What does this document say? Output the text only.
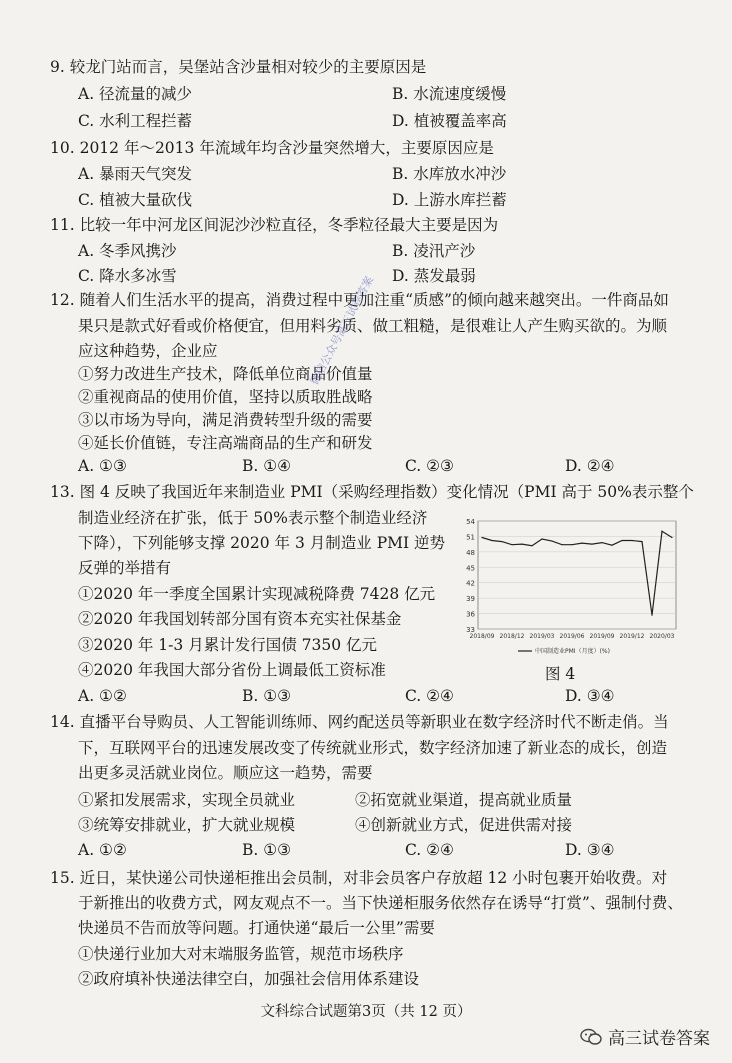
9. 较龙门站而言，吴堡站含沙量相对较少的主要原因是
A. 径流量的减少	B. 水流速度缓慢
C. 水利工程拦蓄	D. 植被覆盖率高
10. 2012 年～2013 年流域年均含沙量突然增大，主要原因应是
A. 暴雨天气突发	B. 水库放水冲沙
C. 植被大量砍伐	D. 上游水库拦蓄
11. 比较一年中河龙区间泥沙沙粒直径，冬季粒径最大主要是因为
A. 冬季风携沙	B. 凌汛产沙
C. 降水多冰雪	D. 蒸发最弱
12. 随着人们生活水平的提高，消费过程中更加注重“质感”的倾向越来越突出。一件商品如
果只是款式好看或价格便宜，但用料劣质、做工粗糙，是很难让人产生购买欲的。为顺
应这种趋势，企业应
①努力改进生产技术，降低单位商品价值量
②重视商品的使用价值，坚持以质取胜战略
③以市场为导向，满足消费转型升级的需要
④延长价值链，专注高端商品的生产和研发
A. ①③	B. ①④	C. ②③	D. ②④
13. 图 4 反映了我国近年来制造业 PMI（采购经理指数）变化情况（PMI 高于 50%表示整个
制造业经济在扩张，低于 50%表示整个制造业经济
下降），下列能够支撑 2020 年 3 月制造业 PMI 逆势
反弹的举措有
①2020 年一季度全国累计实现减税降费 7428 亿元
②2020 年我国划转部分国有资本充实社保基金
③2020 年 1-3 月累计发行国债 7350 亿元
④2020 年我国大部分省份上调最低工资标准
A. ①②	B. ①③	C. ②④	D. ③④
33
36
39
42
45
48
51
54
2018/09 2018/12 2019/03 2019/06 2019/09 2019/12 2020/03
中国制造业PMI（月度）(%)
图 4
14. 直播平台导购员、人工智能训练师、网约配送员等新职业在数字经济时代不断走俏。当
下，互联网平台的迅速发展改变了传统就业形式，数字经济加速了新业态的成长，创造
出更多灵活就业岗位。顺应这一趋势，需要
①紧扣发展需求，实现全员就业	②拓宽就业渠道，提高就业质量
③统筹安排就业，扩大就业规模	④创新就业方式，促进供需对接
A. ①②	B. ①③	C. ②④	D. ③④
15. 近日，某快递公司快递柜推出会员制，对非会员客户存放超 12 小时包裹开始收费。对
于新推出的收费方式，网友观点不一。当下快递柜服务依然存在诱导“打赏”、强制付费、
快递员不告而放等问题。打通快递“最后一公里”需要
①快递行业加大对末端服务监管，规范市场秩序
②政府填补快递法律空白，加强社会信用体系建设
文科综合试题第3页（共 12 页）
微信公众号高三试卷答案
高三试卷答案
